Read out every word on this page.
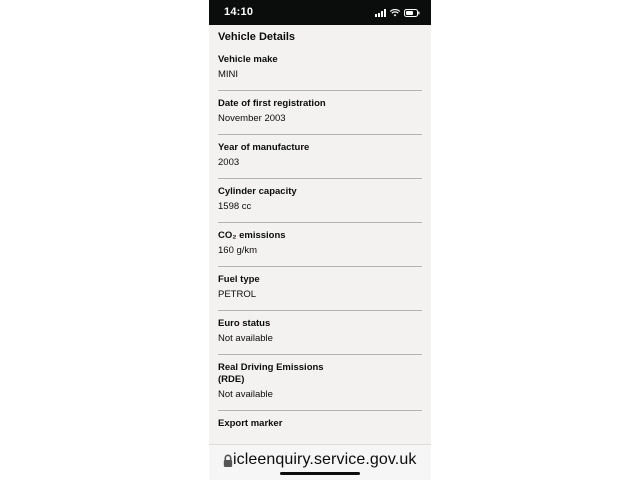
14:10
Vehicle Details
Vehicle make
MINI
Date of first registration
November 2003
Year of manufacture
2003
Cylinder capacity
1598 cc
CO₂ emissions
160 g/km
Fuel type
PETROL
Euro status
Not available
Real Driving Emissions (RDE)
Not available
Export marker
icleenquiry.service.gov.uk
